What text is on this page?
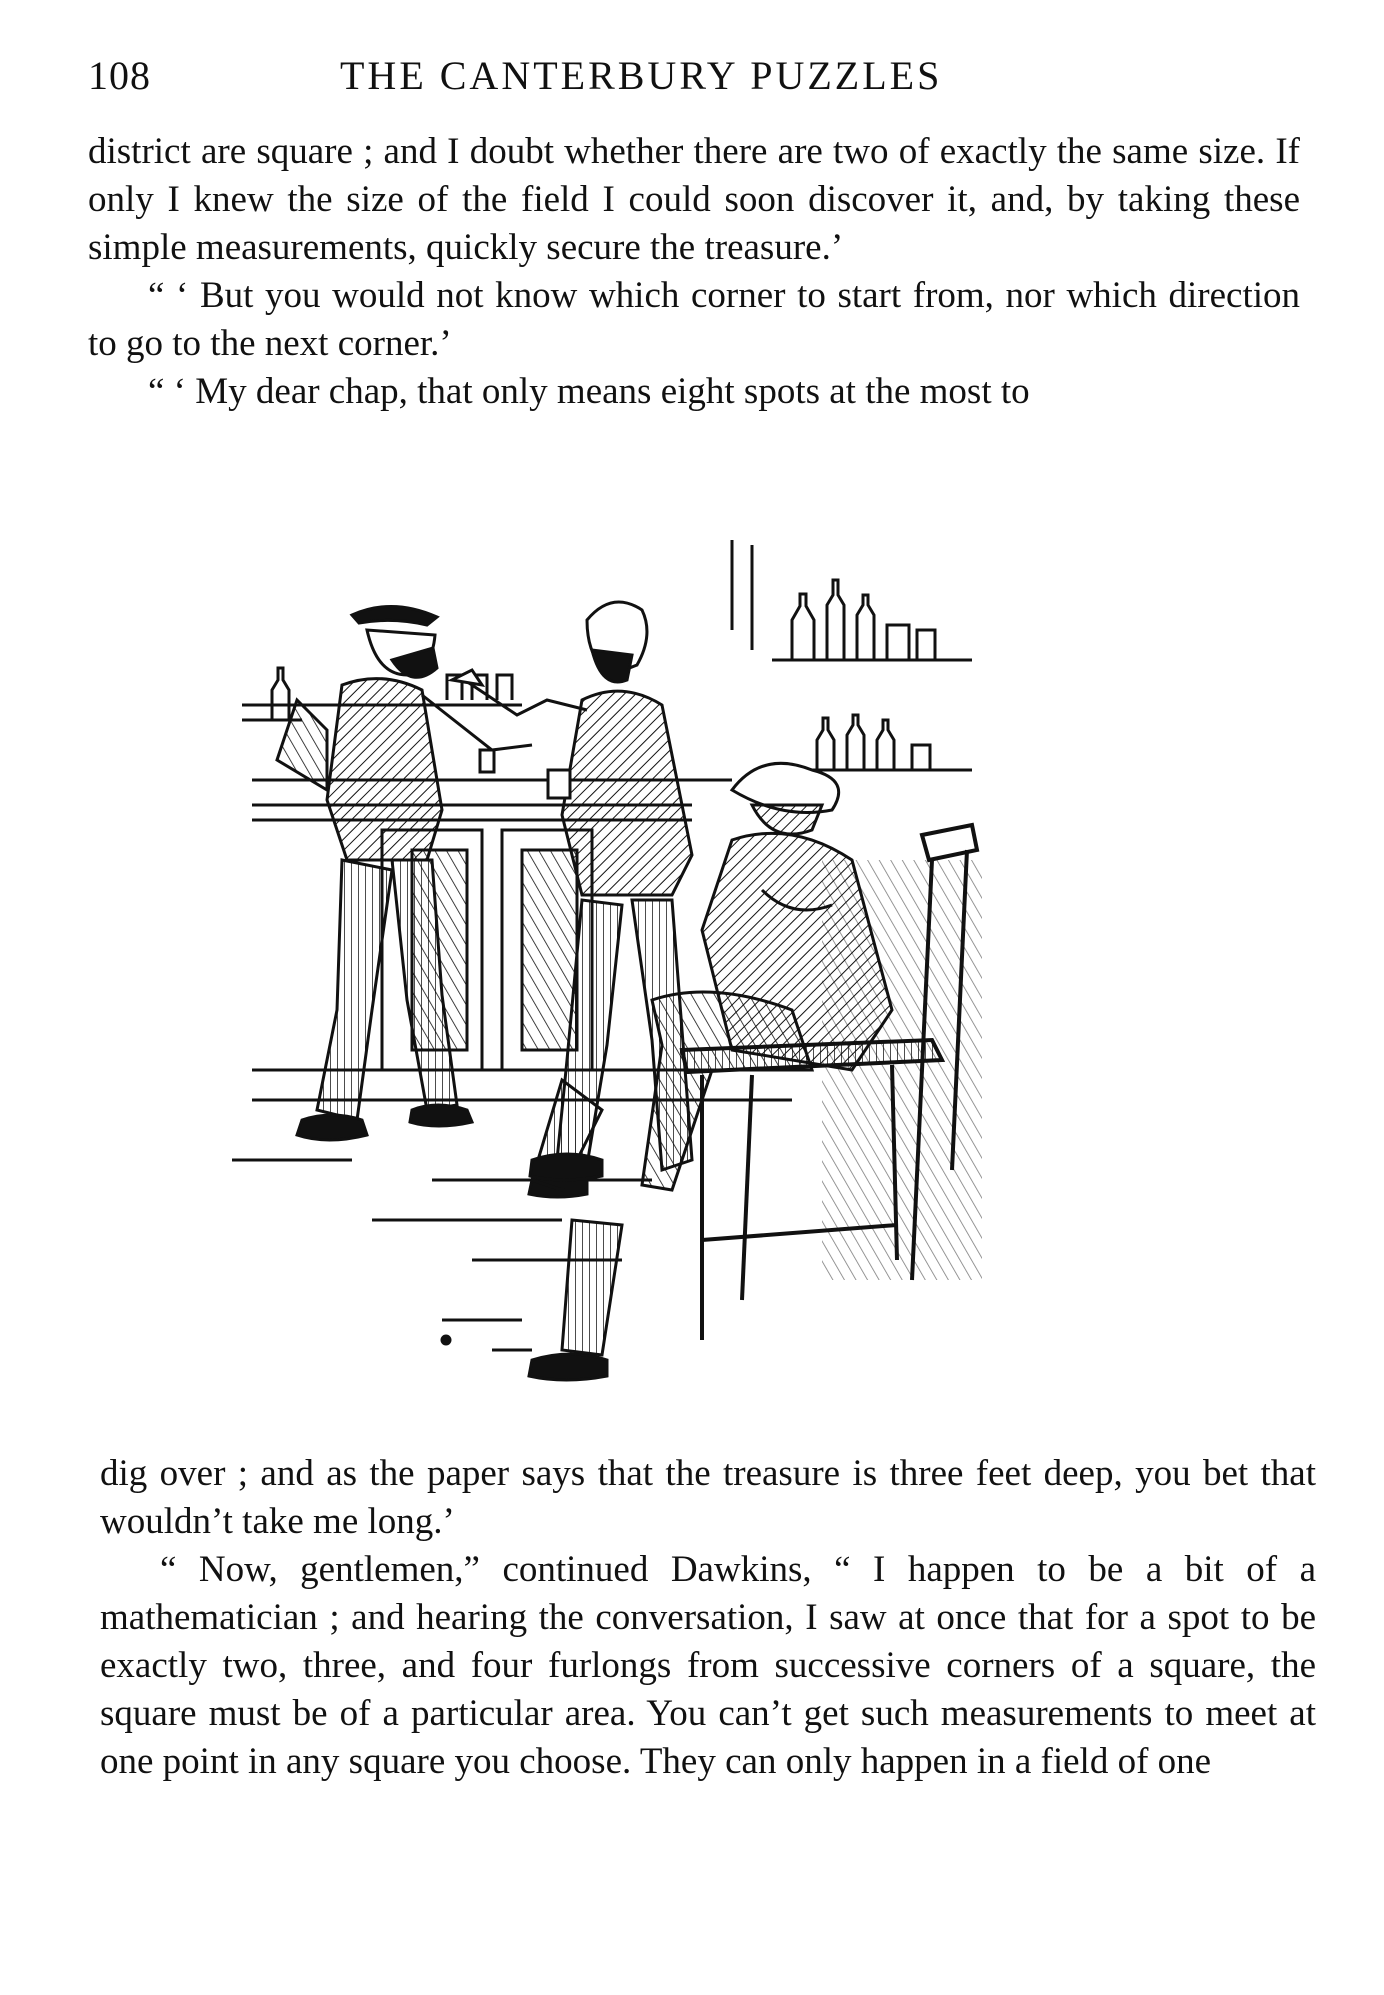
108	THE CANTERBURY PUZZLES

district are square ; and I doubt whether there are two of exactly the same size. If only I knew the size of the field I could soon discover it, and, by taking these simple measurements, quickly secure the treasure.’

“ ‘ But you would not know which corner to start from, nor which direction to go to the next corner.’

“ ‘ My dear chap, that only means eight spots at the most to

dig over ; and as the paper says that the treasure is three feet deep, you bet that wouldn’t take me long.’

“ Now, gentlemen,” continued Dawkins, “ I happen to be a bit of a mathematician ; and hearing the conversation, I saw at once that for a spot to be exactly two, three, and four furlongs from successive corners of a square, the square must be of a particular area. You can’t get such measurements to meet at one point in any square you choose. They can only happen in a field of one
